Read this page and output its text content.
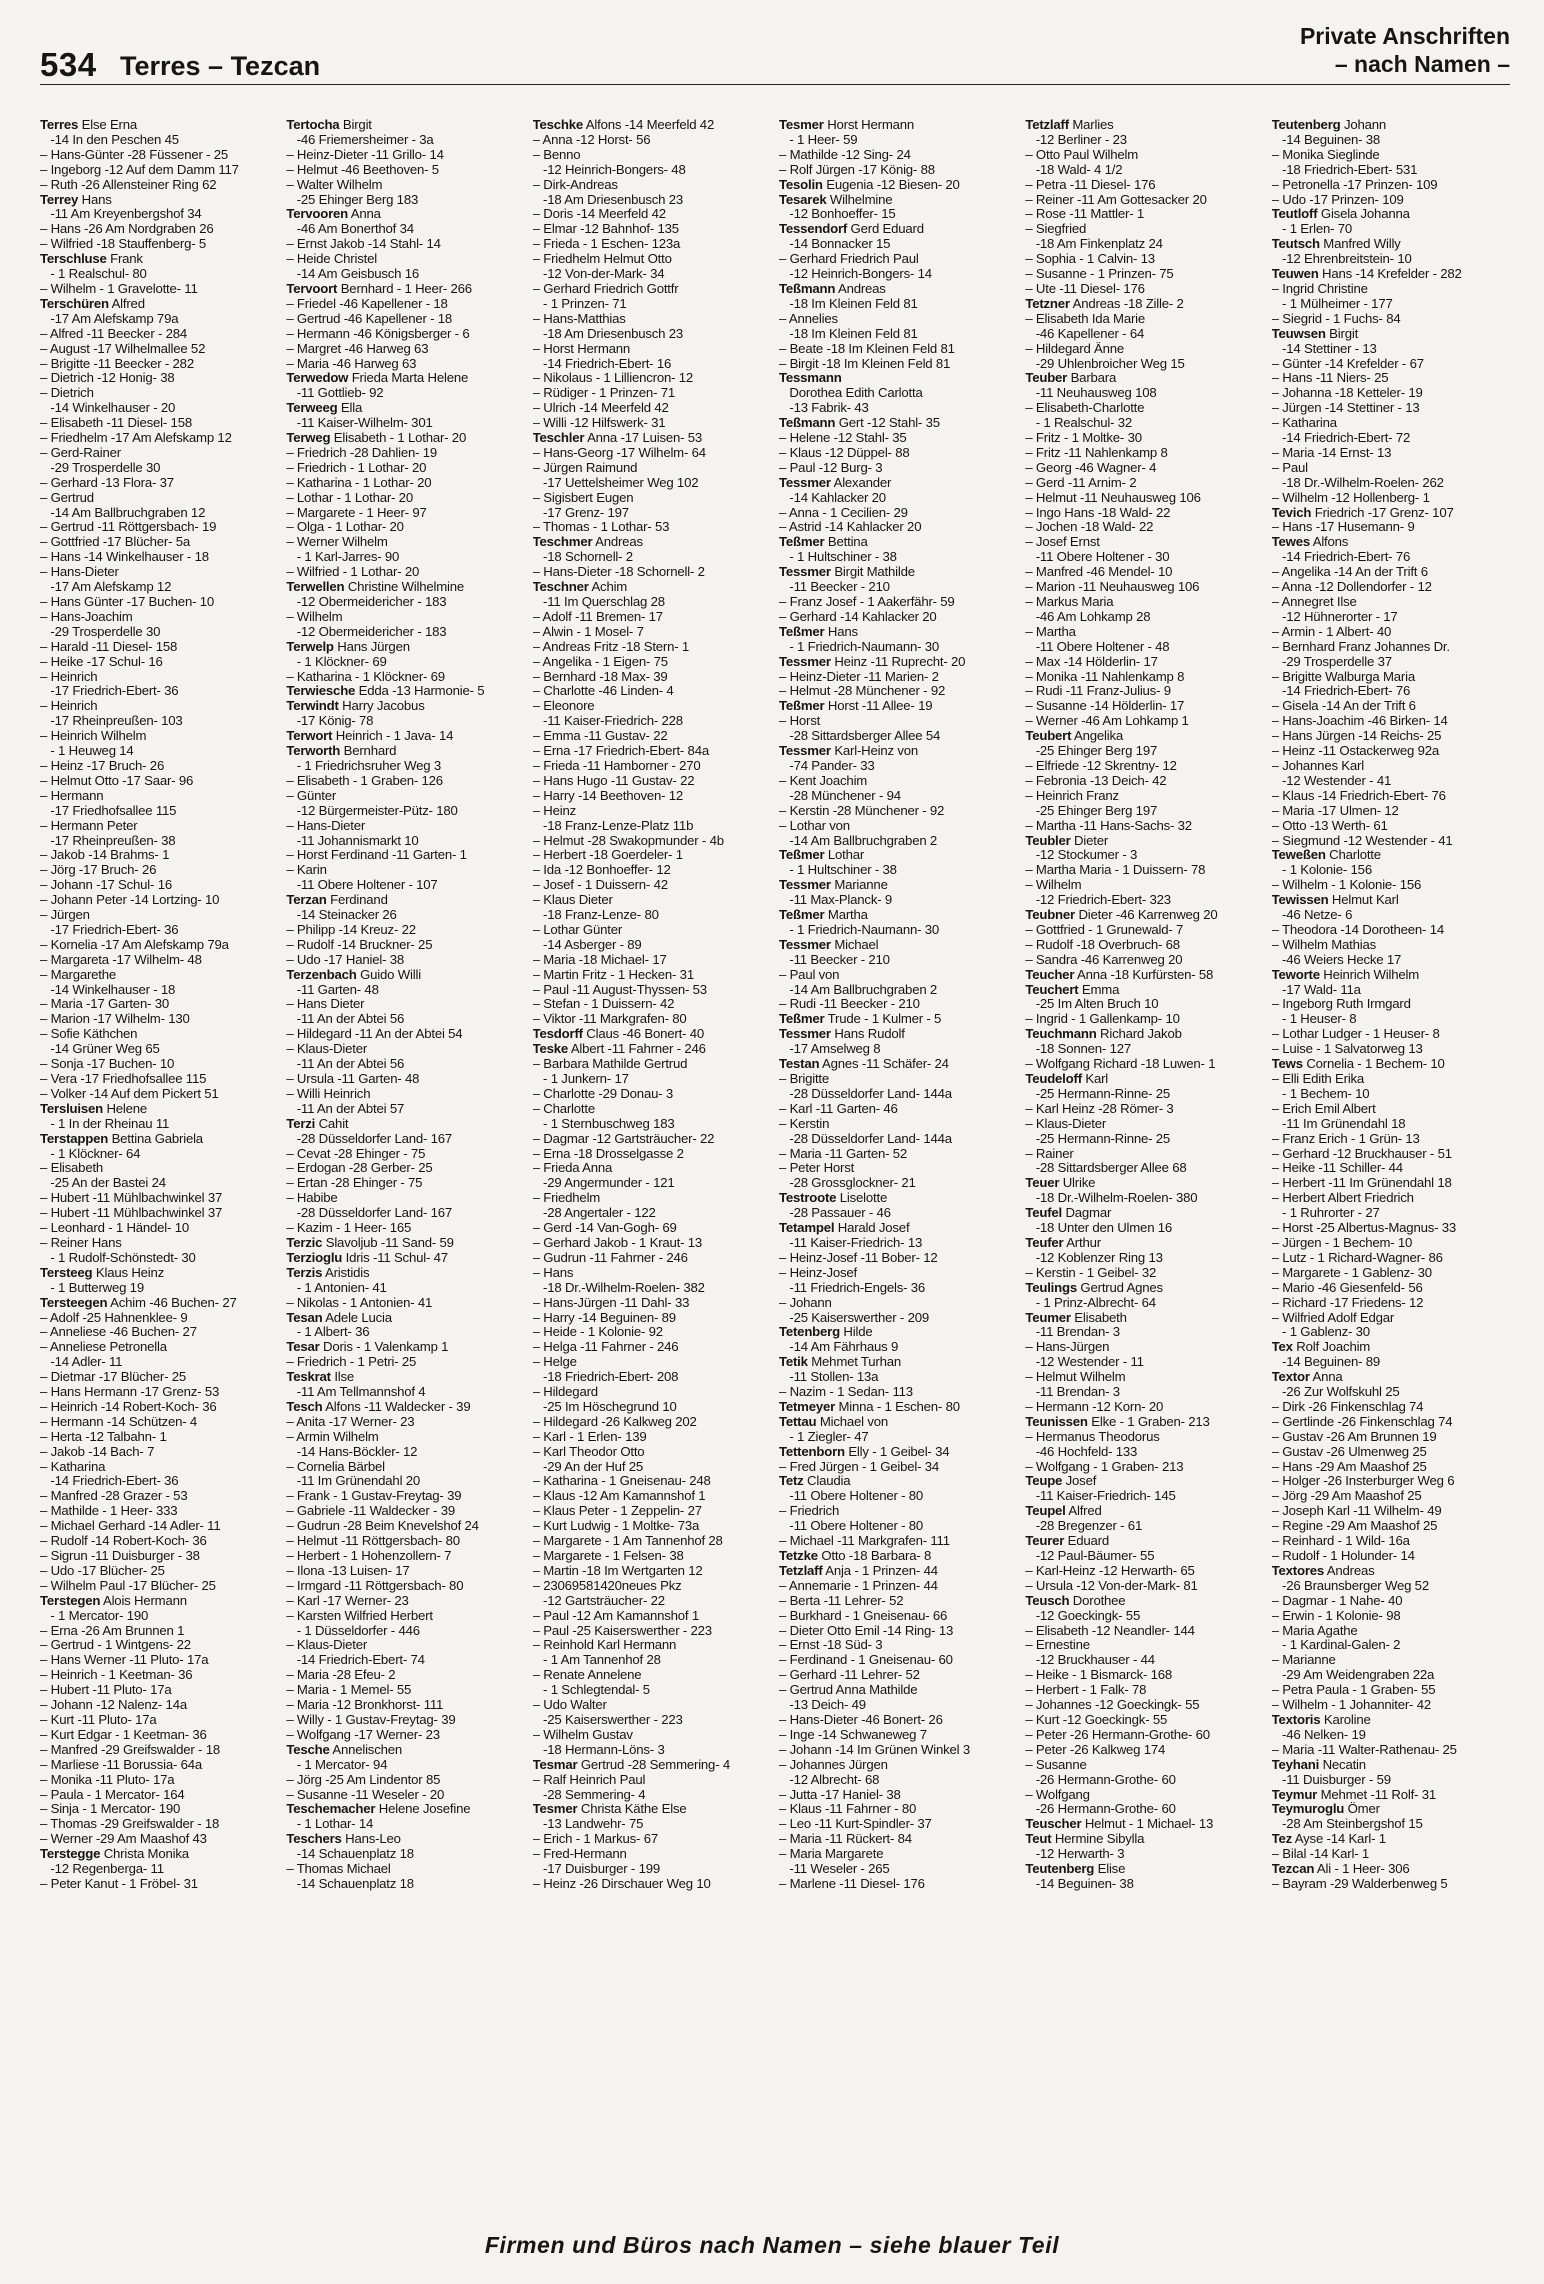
534 Terres – Tezcan
Private Anschriften
– nach Namen –
Terres Else Erna
-14 In den Peschen 45
– Hans-Günter -28 Füssener - 25
– Ingeborg -12 Auf dem Damm 117
– Ruth -26 Allensteiner Ring 62
Terrey Hans
-11 Am Kreyenbergshof 34
– Hans -26 Am Nordgraben 26
– Wilfried -18 Stauffenberg- 5
Terschluse Frank
- 1 Realschul- 80
– Wilhelm - 1 Gravelotte- 11
Terschüren Alfred
-17 Am Alefskamp 79a
– Alfred -11 Beecker - 284
– August -17 Wilhelmallee 52
– Brigitte -11 Beecker - 282
– Dietrich -12 Honig- 38
– Dietrich
-14 Winkelhauser - 20
– Elisabeth -11 Diesel- 158
– Friedhelm -17 Am Alefskamp 12
– Gerd-Rainer
-29 Trosperdelle 30
– Gerhard -13 Flora- 37
– Gertrud
-14 Am Ballbruchgraben 12
– Gertrud -11 Röttgersbach- 19
– Gottfried -17 Blücher- 5a
– Hans -14 Winkelhauser - 18
– Hans-Dieter
-17 Am Alefskamp 12
– Hans Günter -17 Buchen- 10
– Hans-Joachim
-29 Trosperdelle 30
– Harald -11 Diesel- 158
– Heike -17 Schul- 16
– Heinrich
-17 Friedrich-Ebert- 36
– Heinrich
-17 Rheinpreußen- 103
– Heinrich Wilhelm
- 1 Heuweg 14
– Heinz -17 Bruch- 26
– Helmut Otto -17 Saar- 96
– Hermann
-17 Friedhofsallee 115
– Hermann Peter
-17 Rheinpreußen- 38
– Jakob -14 Brahms- 1
– Jörg -17 Bruch- 26
– Johann -17 Schul- 16
– Johann Peter -14 Lortzing- 10
– Jürgen
-17 Friedrich-Ebert- 36
– Kornelia -17 Am Alefskamp 79a
– Margareta -17 Wilhelm- 48
– Margarethe
-14 Winkelhauser - 18
– Maria -17 Garten- 30
– Marion -17 Wilhelm- 130
– Sofie Käthchen
-14 Grüner Weg 65
– Sonja -17 Buchen- 10
– Vera -17 Friedhofsallee 115
– Volker -14 Auf dem Pickert 51
Tersluisen Helene
- 1 In der Rheinau 11
Terstappen Bettina Gabriela
- 1 Klöckner- 64
– Elisabeth
-25 An der Bastei 24
– Hubert -11 Mühlbachwinkel 37
– Hubert -11 Mühlbachwinkel 37
– Leonhard - 1 Händel- 10
– Reiner Hans
- 1 Rudolf-Schönstedt- 30
Tersteeg Klaus Heinz
- 1 Butterweg 19
Tersteegen Achim -46 Buchen- 27
– Adolf -25 Hahnenklee- 9
– Anneliese -46 Buchen- 27
– Anneliese Petronella
-14 Adler- 11
– Dietmar -17 Blücher- 25
– Hans Hermann -17 Grenz- 53
– Heinrich -14 Robert-Koch- 36
– Hermann -14 Schützen- 4
– Herta -12 Talbahn- 1
– Jakob -14 Bach- 7
– Katharina
-14 Friedrich-Ebert- 36
– Manfred -28 Grazer - 53
– Mathilde - 1 Heer- 333
– Michael Gerhard -14 Adler- 11
– Rudolf -14 Robert-Koch- 36
– Sigrun -11 Duisburger - 38
– Udo -17 Blücher- 25
– Wilhelm Paul -17 Blücher- 25
Terstegen Alois Hermann
- 1 Mercator- 190
– Erna -26 Am Brunnen 1
– Gertrud - 1 Wintgens- 22
– Hans Werner -11 Pluto- 17a
– Heinrich - 1 Keetman- 36
– Hubert -11 Pluto- 17a
– Johann -12 Nalenz- 14a
– Kurt -11 Pluto- 17a
– Kurt Edgar - 1 Keetman- 36
– Manfred -29 Greifswalder - 18
– Marliese -11 Borussia- 64a
– Monika -11 Pluto- 17a
– Paula - 1 Mercator- 164
– Sinja - 1 Mercator- 190
– Thomas -29 Greifswalder - 18
– Werner -29 Am Maashof 43
Terstegge Christa Monika
-12 Regenberga- 11
– Peter Kanut - 1 Fröbel- 31
Tertocha Birgit
-46 Friemersheimer - 3a
– Heinz-Dieter -11 Grillo- 14
– Helmut -46 Beethoven- 5
– Walter Wilhelm
-25 Ehinger Berg 183
Tervooren Anna
-46 Am Bonerthof 34
– Ernst Jakob -14 Stahl- 14
– Heide Christel
-14 Am Geisbusch 16
Tervoort Bernhard - 1 Heer- 266
– Friedel -46 Kapellener - 18
– Gertrud -46 Kapellener - 18
– Hermann -46 Königsberger - 6
– Margret -46 Harweg 63
– Maria -46 Harweg 63
Terwedow Frieda Marta Helene
-11 Gottlieb- 92
Terweeg Ella
-11 Kaiser-Wilhelm- 301
Terweg Elisabeth - 1 Lothar- 20
– Friedrich -28 Dahlien- 19
– Friedrich - 1 Lothar- 20
– Katharina - 1 Lothar- 20
– Lothar - 1 Lothar- 20
– Margarete - 1 Heer- 97
– Olga - 1 Lothar- 20
– Werner Wilhelm
- 1 Karl-Jarres- 90
– Wilfried - 1 Lothar- 20
Terwellen Christine Wilhelmine
-12 Obermeidericher - 183
– Wilhelm
-12 Obermeidericher - 183
Terwelp Hans Jürgen
- 1 Klöckner- 69
– Katharina - 1 Klöckner- 69
Terwiesche Edda -13 Harmonie- 5
Terwindt Harry Jacobus
-17 König- 78
Terwort Heinrich - 1 Java- 14
Terworth Bernhard
- 1 Friedrichsruher Weg 3
– Elisabeth - 1 Graben- 126
– Günter
-12 Bürgermeister-Pütz- 180
– Hans-Dieter
-11 Johannismarkt 10
– Horst Ferdinand -11 Garten- 1
– Karin
-11 Obere Holtener - 107
Terzan Ferdinand
-14 Steinacker 26
– Philipp -14 Kreuz- 22
– Rudolf -14 Bruckner- 25
– Udo -17 Haniel- 38
Terzenbach Guido Willi
-11 Garten- 48
– Hans Dieter
-11 An der Abtei 56
– Hildegard -11 An der Abtei 54
– Klaus-Dieter
-11 An der Abtei 56
– Ursula -11 Garten- 48
– Willi Heinrich
-11 An der Abtei 57
Terzi Cahit
-28 Düsseldorfer Land- 167
– Cevat -28 Ehinger - 75
– Erdogan -28 Gerber- 25
– Ertan -28 Ehinger - 75
– Habibe
-28 Düsseldorfer Land- 167
– Kazim - 1 Heer- 165
Terzic Slavoljub -11 Sand- 59
Terzioglu Idris -11 Schul- 47
Terzis Aristidis
- 1 Antonien- 41
– Nikolas - 1 Antonien- 41
Tesan Adele Lucia
- 1 Albert- 36
Tesar Doris - 1 Valenkamp 1
– Friedrich - 1 Petri- 25
Teskrat Ilse
-11 Am Tellmannshof 4
Tesch Alfons -11 Waldecker - 39
– Anita -17 Werner- 23
– Armin Wilhelm
-14 Hans-Böckler- 12
– Cornelia Bärbel
-11 Im Grünendahl 20
– Frank - 1 Gustav-Freytag- 39
– Gabriele -11 Waldecker - 39
– Gudrun -28 Beim Knevelshof 24
– Helmut -11 Röttgersbach- 80
– Herbert - 1 Hohenzollern- 7
– Ilona -13 Luisen- 17
– Irmgard -11 Röttgersbach- 80
– Karl -17 Werner- 23
– Karsten Wilfried Herbert
- 1 Düsseldorfer - 446
– Klaus-Dieter
-14 Friedrich-Ebert- 74
– Maria -28 Efeu- 2
– Maria - 1 Memel- 55
– Maria -12 Bronkhorst- 111
– Willy - 1 Gustav-Freytag- 39
– Wolfgang -17 Werner- 23
Tesche Annelischen
- 1 Mercator- 94
– Jörg -25 Am Lindentor 85
– Susanne -11 Weseler - 20
Teschemacher Helene Josefine
- 1 Lothar- 14
Teschers Hans-Leo
-14 Schauenplatz 18
– Thomas Michael
-14 Schauenplatz 18
Teschke Alfons -14 Meerfeld 42
– Anna -12 Horst- 56
– Benno
-12 Heinrich-Bongers- 48
– Dirk-Andreas
-18 Am Driesenbusch 23
– Doris -14 Meerfeld 42
– Elmar -12 Bahnhof- 135
– Frieda - 1 Eschen- 123a
– Friedhelm Helmut Otto
-12 Von-der-Mark- 34
– Gerhard Friedrich Gottfr
- 1 Prinzen- 71
– Hans-Matthias
-18 Am Driesenbusch 23
– Horst Hermann
-14 Friedrich-Ebert- 16
– Nikolaus - 1 Lilliencron- 12
– Rüdiger - 1 Prinzen- 71
– Ulrich -14 Meerfeld 42
– Willi -12 Hilfswerk- 31
Teschler Anna -17 Luisen- 53
– Hans-Georg -17 Wilhelm- 64
– Jürgen Raimund
-17 Uettelsheimer Weg 102
– Sigisbert Eugen
-17 Grenz- 197
– Thomas - 1 Lothar- 53
Teschmer Andreas
-18 Schornell- 2
– Hans-Dieter -18 Schornell- 2
Teschner Achim
-11 Im Querschlag 28
– Adolf -11 Bremen- 17
– Alwin - 1 Mosel- 7
– Andreas Fritz -18 Stern- 1
– Angelika - 1 Eigen- 75
– Bernhard -18 Max- 39
– Charlotte -46 Linden- 4
– Eleonore
-11 Kaiser-Friedrich- 228
– Emma -11 Gustav- 22
– Erna -17 Friedrich-Ebert- 84a
– Frieda -11 Hamborner - 270
– Hans Hugo -11 Gustav- 22
– Harry -14 Beethoven- 12
– Heinz
-18 Franz-Lenze-Platz 11b
– Helmut -28 Swakopmunder - 4b
– Herbert -18 Goerdeler- 1
– Ida -12 Bonhoeffer- 12
– Josef - 1 Duissern- 42
– Klaus Dieter
-18 Franz-Lenze- 80
– Lothar Günter
-14 Asberger - 89
– Maria -18 Michael- 17
– Martin Fritz - 1 Hecken- 31
– Paul -11 August-Thyssen- 53
– Stefan - 1 Duissern- 42
– Viktor -11 Markgrafen- 80
Tesdorff Claus -46 Bonert- 40
Teske Albert -11 Fahrner - 246
– Barbara Mathilde Gertrud
- 1 Junkern- 17
– Charlotte -29 Donau- 3
– Charlotte
- 1 Sternbuschweg 183
– Dagmar -12 Gartsträucher- 22
– Erna -18 Drosselgasse 2
– Frieda Anna
-29 Angermunder - 121
– Friedhelm
-28 Angertaler - 122
– Gerd -14 Van-Gogh- 69
– Gerhard Jakob - 1 Kraut- 13
– Gudrun -11 Fahrner - 246
– Hans
-18 Dr.-Wilhelm-Roelen- 382
– Hans-Jürgen -11 Dahl- 33
– Harry -14 Beguinen- 89
– Heide - 1 Kolonie- 92
– Helga -11 Fahrner - 246
– Helge
-18 Friedrich-Ebert- 208
– Hildegard
-25 Im Höschegrund 10
– Hildegard -26 Kalkweg 202
– Karl - 1 Erlen- 139
– Karl Theodor Otto
-29 An der Huf 25
– Katharina - 1 Gneisenau- 248
– Klaus -12 Am Kamannshof 1
– Klaus Peter - 1 Zeppelin- 27
– Kurt Ludwig - 1 Moltke- 73a
– Margarete - 1 Am Tannenhof 28
– Margarete - 1 Felsen- 38
– Martin -18 Im Wertgarten 12
– 23069581420neues Pkz
-12 Gartsträucher- 22
– Paul -12 Am Kamannshof 1
– Paul -25 Kaiserswerther - 223
– Reinhold Karl Hermann
- 1 Am Tannenhof 28
– Renate Annelene
- 1 Schlegtendal- 5
– Udo Walter
-25 Kaiserswerther - 223
– Wilhelm Gustav
-18 Hermann-Löns- 3
Tesmar Gertrud -28 Semmering- 4
– Ralf Heinrich Paul
-28 Semmering- 4
Tesmer Christa Käthe Else
-13 Landwehr- 75
– Erich - 1 Markus- 67
– Fred-Hermann
-17 Duisburger - 199
– Heinz -26 Dirschauer Weg 10
Tesmer Horst Hermann
- 1 Heer- 59
– Mathilde -12 Sing- 24
– Rolf Jürgen -17 König- 88
Tesolin Eugenia -12 Biesen- 20
Tesarek Wilhelmine
-12 Bonhoeffer- 15
Tessendorf Gerd Eduard
-14 Bonnacker 15
– Gerhard Friedrich Paul
-12 Heinrich-Bongers- 14
Teßmann Andreas
-18 Im Kleinen Feld 81
– Annelies
-18 Im Kleinen Feld 81
– Beate -18 Im Kleinen Feld 81
– Birgit -18 Im Kleinen Feld 81
Tessmann
Dorothea Edith Carlotta
-13 Fabrik- 43
Teßmann Gert -12 Stahl- 35
– Helene -12 Stahl- 35
– Klaus -12 Düppel- 88
– Paul -12 Burg- 3
Tessmer Alexander
-14 Kahlacker 20
– Anna - 1 Cecilien- 29
– Astrid -14 Kahlacker 20
Teßmer Bettina
- 1 Hultschiner - 38
Tessmer Birgit Mathilde
-11 Beecker - 210
– Franz Josef - 1 Aakerfähr- 59
– Gerhard -14 Kahlacker 20
Teßmer Hans
- 1 Friedrich-Naumann- 30
Tessmer Heinz -11 Ruprecht- 20
– Heinz-Dieter -11 Marien- 2
– Helmut -28 Münchener - 92
Teßmer Horst -11 Allee- 19
– Horst
-28 Sittardsberger Allee 54
Tessmer Karl-Heinz von
-74 Pander- 33
– Kent Joachim
-28 Münchener - 94
– Kerstin -28 Münchener - 92
– Lothar von
-14 Am Ballbruchgraben 2
Teßmer Lothar
- 1 Hultschiner - 38
Tessmer Marianne
-11 Max-Planck- 9
Teßmer Martha
- 1 Friedrich-Naumann- 30
Tessmer Michael
-11 Beecker - 210
– Paul von
-14 Am Ballbruchgraben 2
– Rudi -11 Beecker - 210
Teßmer Trude - 1 Kulmer - 5
Tessmer Hans Rudolf
-17 Amselweg 8
Testan Agnes -11 Schäfer- 24
– Brigitte
-28 Düsseldorfer Land- 144a
– Karl -11 Garten- 46
– Kerstin
-28 Düsseldorfer Land- 144a
– Maria -11 Garten- 52
– Peter Horst
-28 Grossglockner- 21
Testroote Liselotte
-28 Passauer - 46
Tetampel Harald Josef
-11 Kaiser-Friedrich- 13
– Heinz-Josef -11 Bober- 12
– Heinz-Josef
-11 Friedrich-Engels- 36
– Johann
-25 Kaiserswerther - 209
Tetenberg Hilde
-14 Am Fährhaus 9
Tetik Mehmet Turhan
-11 Stollen- 13a
– Nazim - 1 Sedan- 113
Tetmeyer Minna - 1 Eschen- 80
Tettau Michael von
- 1 Ziegler- 47
Tettenborn Elly - 1 Geibel- 34
– Fred Jürgen - 1 Geibel- 34
Tetz Claudia
-11 Obere Holtener - 80
– Friedrich
-11 Obere Holtener - 80
– Michael -11 Markgrafen- 111
Tetzke Otto -18 Barbara- 8
Tetzlaff Anja - 1 Prinzen- 44
– Annemarie - 1 Prinzen- 44
– Berta -11 Lehrer- 52
– Burkhard - 1 Gneisenau- 66
– Dieter Otto Emil -14 Ring- 13
– Ernst -18 Süd- 3
– Ferdinand - 1 Gneisenau- 60
– Gerhard -11 Lehrer- 52
– Gertrud Anna Mathilde
-13 Deich- 49
– Hans-Dieter -46 Bonert- 26
– Inge -14 Schwaneweg 7
– Johann -14 Im Grünen Winkel 3
– Johannes Jürgen
-12 Albrecht- 68
– Jutta -17 Haniel- 38
– Klaus -11 Fahrner - 80
– Leo -11 Kurt-Spindler- 37
– Maria -11 Rückert- 84
– Maria Margarete
-11 Weseler - 265
– Marlene -11 Diesel- 176
Tetzlaff Marlies
-12 Berliner - 23
– Otto Paul Wilhelm
-18 Wald- 4 1/2
– Petra -11 Diesel- 176
– Reiner -11 Am Gottesacker 20
– Rose -11 Mattler- 1
– Siegfried
-18 Am Finkenplatz 24
– Sophia - 1 Calvin- 13
– Susanne - 1 Prinzen- 75
– Ute -11 Diesel- 176
Tetzner Andreas -18 Zille- 2
– Elisabeth Ida Marie
-46 Kapellener - 64
– Hildegard Änne
-29 Uhlenbroicher Weg 15
Teuber Barbara
-11 Neuhausweg 108
– Elisabeth-Charlotte
- 1 Realschul- 32
– Fritz - 1 Moltke- 30
– Fritz -11 Nahlenkamp 8
– Georg -46 Wagner- 4
– Gerd -11 Arnim- 2
– Helmut -11 Neuhausweg 106
– Ingo Hans -18 Wald- 22
– Jochen -18 Wald- 22
– Josef Ernst
-11 Obere Holtener - 30
– Manfred -46 Mendel- 10
– Marion -11 Neuhausweg 106
– Markus Maria
-46 Am Lohkamp 28
– Martha
-11 Obere Holtener - 48
– Max -14 Hölderlin- 17
– Monika -11 Nahlenkamp 8
– Rudi -11 Franz-Julius- 9
– Susanne -14 Hölderlin- 17
– Werner -46 Am Lohkamp 1
Teubert Angelika
-25 Ehinger Berg 197
– Elfriede -12 Skrentny- 12
– Febronia -13 Deich- 42
– Heinrich Franz
-25 Ehinger Berg 197
– Martha -11 Hans-Sachs- 32
Teubler Dieter
-12 Stockumer - 3
– Martha Maria - 1 Duissern- 78
– Wilhelm
-12 Friedrich-Ebert- 323
Teubner Dieter -46 Karrenweg 20
– Gottfried - 1 Grunewald- 7
– Rudolf -18 Overbruch- 68
– Sandra -46 Karrenweg 20
Teucher Anna -18 Kurfürsten- 58
Teuchert Emma
-25 Im Alten Bruch 10
– Ingrid - 1 Gallenkamp- 10
Teuchmann Richard Jakob
-18 Sonnen- 127
– Wolfgang Richard -18 Luwen- 1
Teudeloff Karl
-25 Hermann-Rinne- 25
– Karl Heinz -28 Römer- 3
– Klaus-Dieter
-25 Hermann-Rinne- 25
– Rainer
-28 Sittardsberger Allee 68
Teuer Ulrike
-18 Dr.-Wilhelm-Roelen- 380
Teufel Dagmar
-18 Unter den Ulmen 16
Teufer Arthur
-12 Koblenzer Ring 13
– Kerstin - 1 Geibel- 32
Teulings Gertrud Agnes
- 1 Prinz-Albrecht- 64
Teumer Elisabeth
-11 Brendan- 3
– Hans-Jürgen
-12 Westender - 11
– Helmut Wilhelm
-11 Brendan- 3
– Hermann -12 Korn- 20
Teunissen Elke - 1 Graben- 213
– Hermanus Theodorus
-46 Hochfeld- 133
– Wolfgang - 1 Graben- 213
Teupe Josef
-11 Kaiser-Friedrich- 145
Teupel Alfred
-28 Bregenzer - 61
Teurer Eduard
-12 Paul-Bäumer- 55
– Karl-Heinz -12 Herwarth- 65
– Ursula -12 Von-der-Mark- 81
Teusch Dorothee
-12 Goeckingk- 55
– Elisabeth -12 Neandler- 144
– Ernestine
-12 Bruckhauser - 44
– Heike - 1 Bismarck- 168
– Herbert - 1 Falk- 78
– Johannes -12 Goeckingk- 55
– Kurt -12 Goeckingk- 55
– Peter -26 Hermann-Grothe- 60
– Peter -26 Kalkweg 174
– Susanne
-26 Hermann-Grothe- 60
– Wolfgang
-26 Hermann-Grothe- 60
Teuscher Helmut - 1 Michael- 13
Teut Hermine Sibylla
-12 Herwarth- 3
Teutenberg Elise
-14 Beguinen- 38
Teutenberg Johann
-14 Beguinen- 38
– Monika Sieglinde
-18 Friedrich-Ebert- 531
– Petronella -17 Prinzen- 109
– Udo -17 Prinzen- 109
Teutloff Gisela Johanna
- 1 Erlen- 70
Teutsch Manfred Willy
-12 Ehrenbreitstein- 10
Teuwen Hans -14 Krefelder - 282
– Ingrid Christine
- 1 Mülheimer - 177
– Siegrid - 1 Fuchs- 84
Teuwsen Birgit
-14 Stettiner - 13
– Günter -14 Krefelder - 67
– Hans -11 Niers- 25
– Johanna -18 Ketteler- 19
– Jürgen -14 Stettiner - 13
– Katharina
-14 Friedrich-Ebert- 72
– Maria -14 Ernst- 13
– Paul
-18 Dr.-Wilhelm-Roelen- 262
– Wilhelm -12 Hollenberg- 1
Tevich Friedrich -17 Grenz- 107
– Hans -17 Husemann- 9
Tewes Alfons
-14 Friedrich-Ebert- 76
– Angelika -14 An der Trift 6
– Anna -12 Dollendorfer - 12
– Annegret Ilse
-12 Hühnerorter - 17
– Armin - 1 Albert- 40
– Bernhard Franz Johannes Dr.
-29 Trosperdelle 37
– Brigitte Walburga Maria
-14 Friedrich-Ebert- 76
– Gisela -14 An der Trift 6
– Hans-Joachim -46 Birken- 14
– Hans Jürgen -14 Reichs- 25
– Heinz -11 Ostackerweg 92a
– Johannes Karl
-12 Westender - 41
– Klaus -14 Friedrich-Ebert- 76
– Maria -17 Ulmen- 12
– Otto -13 Werth- 61
– Siegmund -12 Westender - 41
Teweßen Charlotte
- 1 Kolonie- 156
– Wilhelm - 1 Kolonie- 156
Tewissen Helmut Karl
-46 Netze- 6
– Theodora -14 Dorotheen- 14
– Wilhelm Mathias
-46 Weiers Hecke 17
Teworte Heinrich Wilhelm
-17 Wald- 11a
– Ingeborg Ruth Irmgard
- 1 Heuser- 8
– Lothar Ludger - 1 Heuser- 8
– Luise - 1 Salvatorweg 13
Tews Cornelia - 1 Bechem- 10
– Elli Edith Erika
- 1 Bechem- 10
– Erich Emil Albert
-11 Im Grünendahl 18
– Franz Erich - 1 Grün- 13
– Gerhard -12 Bruckhauser - 51
– Heike -11 Schiller- 44
– Herbert -11 Im Grünendahl 18
– Herbert Albert Friedrich
- 1 Ruhrorter - 27
– Horst -25 Albertus-Magnus- 33
– Jürgen - 1 Bechem- 10
– Lutz - 1 Richard-Wagner- 86
– Margarete - 1 Gablenz- 30
– Mario -46 Giesenfeld- 56
– Richard -17 Friedens- 12
– Wilfried Adolf Edgar
- 1 Gablenz- 30
Tex Rolf Joachim
-14 Beguinen- 89
Textor Anna
-26 Zur Wolfskuhl 25
– Dirk -26 Finkenschlag 74
– Gertlinde -26 Finkenschlag 74
– Gustav -26 Am Brunnen 19
– Gustav -26 Ulmenweg 25
– Hans -29 Am Maashof 25
– Holger -26 Insterburger Weg 6
– Jörg -29 Am Maashof 25
– Joseph Karl -11 Wilhelm- 49
– Regine -29 Am Maashof 25
– Reinhard - 1 Wild- 16a
– Rudolf - 1 Holunder- 14
Textores Andreas
-26 Braunsberger Weg 52
– Dagmar - 1 Nahe- 40
– Erwin - 1 Kolonie- 98
– Maria Agathe
- 1 Kardinal-Galen- 2
– Marianne
-29 Am Weidengraben 22a
– Petra Paula - 1 Graben- 55
– Wilhelm - 1 Johanniter- 42
Textoris Karoline
-46 Nelken- 19
– Maria -11 Walter-Rathenau- 25
Teyhani Necatin
-11 Duisburger - 59
Teymur Mehmet -11 Rolf- 31
Teymuroglu Ömer
-28 Am Steinbergshof 15
Tez Ayse -14 Karl- 1
– Bilal -14 Karl- 1
Tezcan Ali - 1 Heer- 306
– Bayram -29 Walderbenweg 5
Firmen und Büros nach Namen – siehe blauer Teil
